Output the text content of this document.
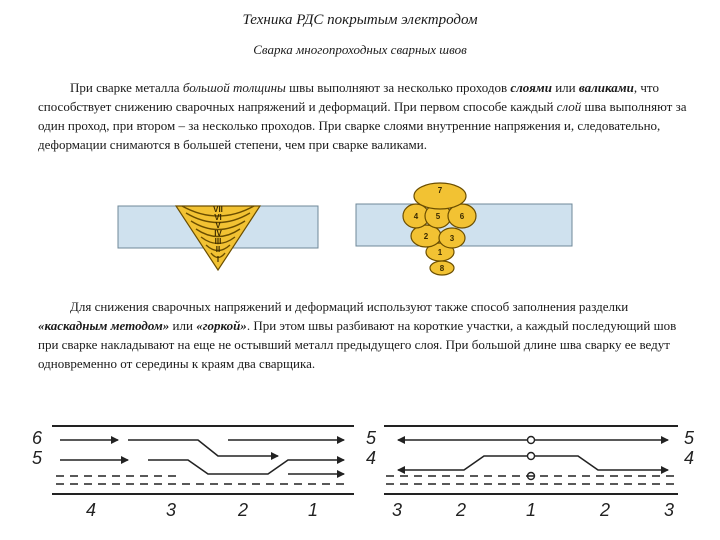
Техника РДС покрытым электродом
Сварка многопроходных сварных швов

При сварке металла большой толщины швы выполняют за несколько проходов слоями или валиками, что способствует снижению сварочных напряжений и деформаций. При первом способе каждый слой шва выполняют за один проход, при втором – за несколько проходов. При сварке слоями внутренние напряжения и, следовательно, деформации снимаются в большей степени, чем при сварке валиками.

VII
VI
V
IV
III
II
I
7
4 5 6
2	3
1
8

Для снижения сварочных напряжений и деформаций используют также способ заполнения разделки «каскадным методом» или «горкой». При этом швы разбивают на короткие участки, а каждый последующий шов при сварке накладывают на еще не остывший металл предыдущего слоя. При большой длине шва сварку ее ведут одновременно от середины к краям два сварщика.

6
5
4	3	2	1
5
4
5
4
3	2	1	2	3
